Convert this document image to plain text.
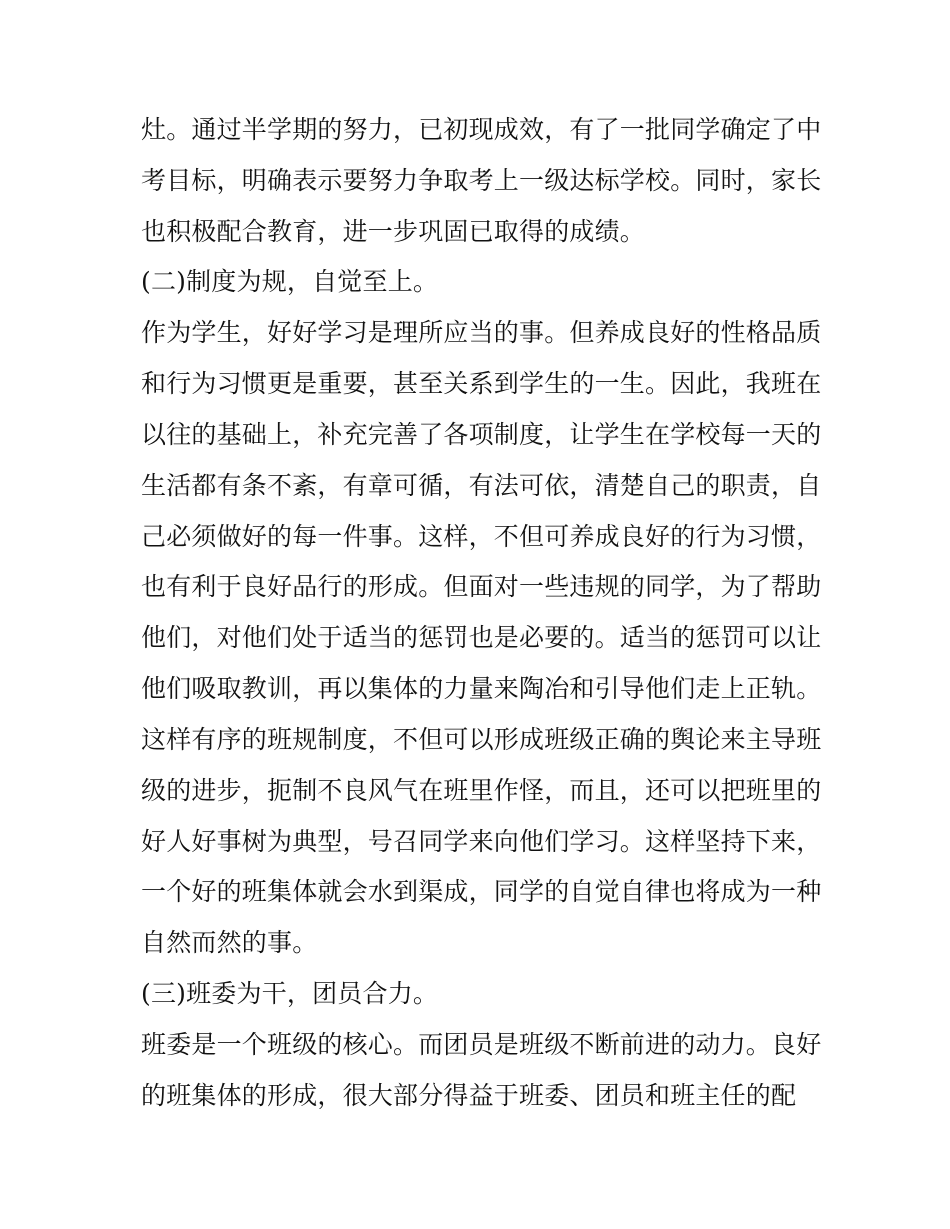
灶。通过半学期的努力，已初现成效，有了一批同学确定了中
考目标，明确表示要努力争取考上一级达标学校。同时，家长
也积极配合教育，进一步巩固已取得的成绩。
(二)制度为规，自觉至上。
作为学生，好好学习是理所应当的事。但养成良好的性格品质
和行为习惯更是重要，甚至关系到学生的一生。因此，我班在
以往的基础上，补充完善了各项制度，让学生在学校每一天的
生活都有条不紊，有章可循，有法可依，清楚自己的职责，自
己必须做好的每一件事。这样，不但可养成良好的行为习惯，
也有利于良好品行的形成。但面对一些违规的同学，为了帮助
他们，对他们处于适当的惩罚也是必要的。适当的惩罚可以让
他们吸取教训，再以集体的力量来陶冶和引导他们走上正轨。
这样有序的班规制度，不但可以形成班级正确的舆论来主导班
级的进步，扼制不良风气在班里作怪，而且，还可以把班里的
好人好事树为典型，号召同学来向他们学习。这样坚持下来，
一个好的班集体就会水到渠成，同学的自觉自律也将成为一种
自然而然的事。
(三)班委为干，团员合力。
班委是一个班级的核心。而团员是班级不断前进的动力。良好
的班集体的形成，很大部分得益于班委、团员和班主任的配
